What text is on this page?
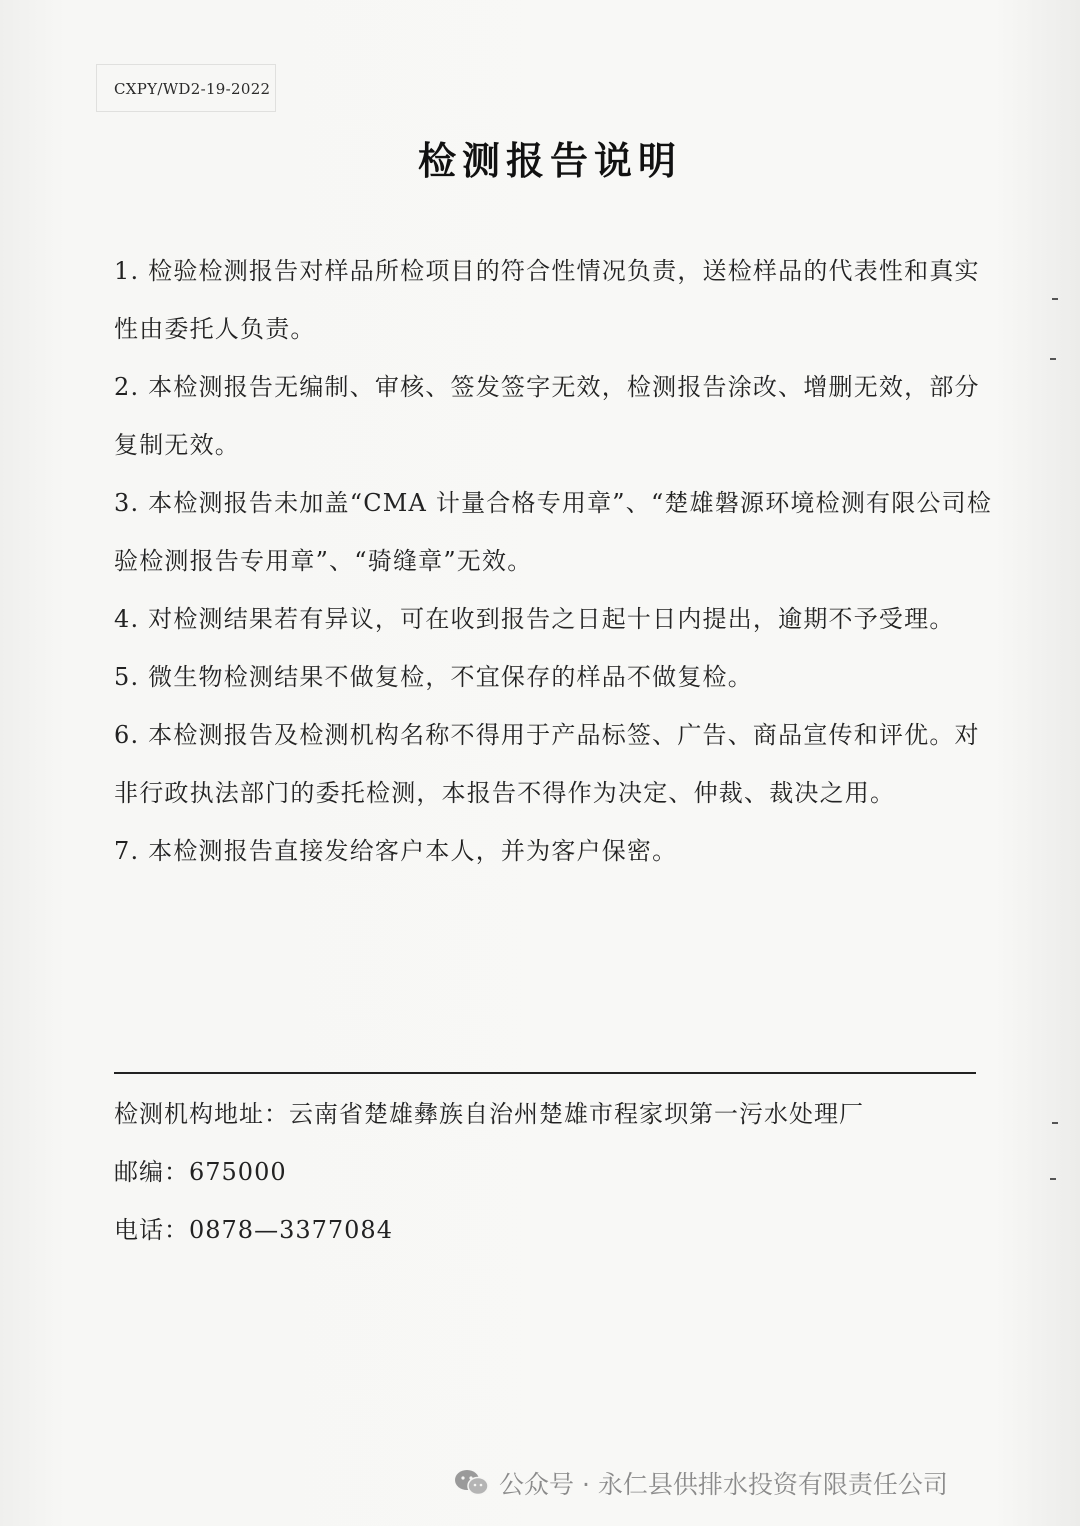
CXPY/WD2-19-2022
检测报告说明

1. 检验检测报告对样品所检项目的符合性情况负责，送检样品的代表性和真实性由委托人负责。

2. 本检测报告无编制、审核、签发签字无效，检测报告涂改、增删无效，部分复制无效。

3. 本检测报告未加盖“CMA 计量合格专用章”、“楚雄磐源环境检测有限公司检验检测报告专用章”、“骑缝章”无效。

4. 对检测结果若有异议，可在收到报告之日起十日内提出，逾期不予受理。

5. 微生物检测结果不做复检，不宜保存的样品不做复检。

6. 本检测报告及检测机构名称不得用于产品标签、广告、商品宣传和评优。对非行政执法部门的委托检测，本报告不得作为决定、仲裁、裁决之用。

7. 本检测报告直接发给客户本人，并为客户保密。

检测机构地址：云南省楚雄彝族自治州楚雄市程家坝第一污水处理厂
邮编：675000
电话：0878—3377084
公众号 · 永仁县供排水投资有限责任公司
